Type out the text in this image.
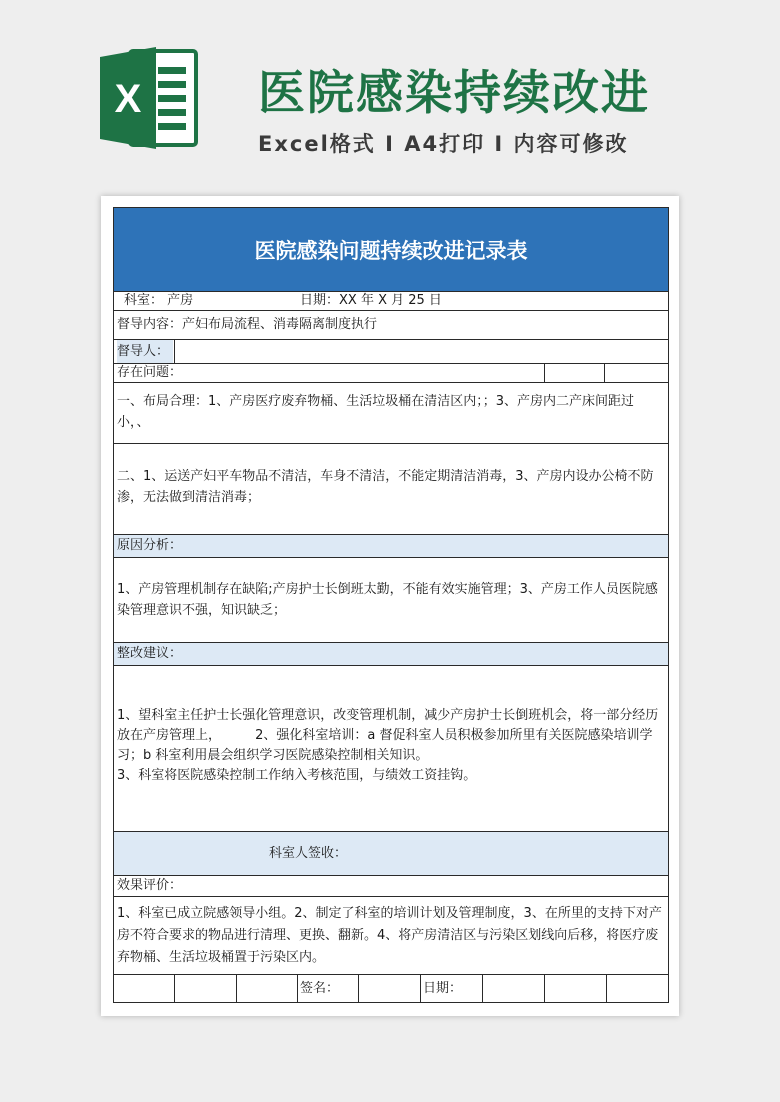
X 医院感染持续改进
Excel格式 I A4打印 I 内容可修改
医院感染问题持续改进记录表
科室： 产房	日期：XX 年 X 月 25 日
督导内容：产妇布局流程、消毒隔离制度执行
督导人：
存在问题：
一、布局合理：1、产房医疗废弃物桶、生活垃圾桶在清洁区内；；3、产房内二产床间距过小，、
二、1、运送产妇平车物品不清洁，车身不清洁，不能定期清洁消毒，3、产房内设办公椅不防渗，无法做到清洁消毒；
原因分析：
1、产房管理机制存在缺陷;产房护士长倒班太勤，不能有效实施管理；3、产房工作人员医院感染管理意识不强，知识缺乏；
整改建议：
1、望科室主任护士长强化管理意识，改变管理机制，减少产房护士长倒班机会，将一部分经历放在产房管理上，	2、强化科室培训：a 督促科室人员积极参加所里有关医院感染培训学习；b 科室利用晨会组织学习医院感染控制相关知识。
3、科室将医院感染控制工作纳入考核范围，与绩效工资挂钩。
科室人签收：
效果评价：
1、科室已成立院感领导小组。2、制定了科室的培训计划及管理制度，3、在所里的支持下对产房不符合要求的物品进行清理、更换、翻新。4、将产房清洁区与污染区划线向后移，将医疗废弃物桶、生活垃圾桶置于污染区内。
签名：	日期：
